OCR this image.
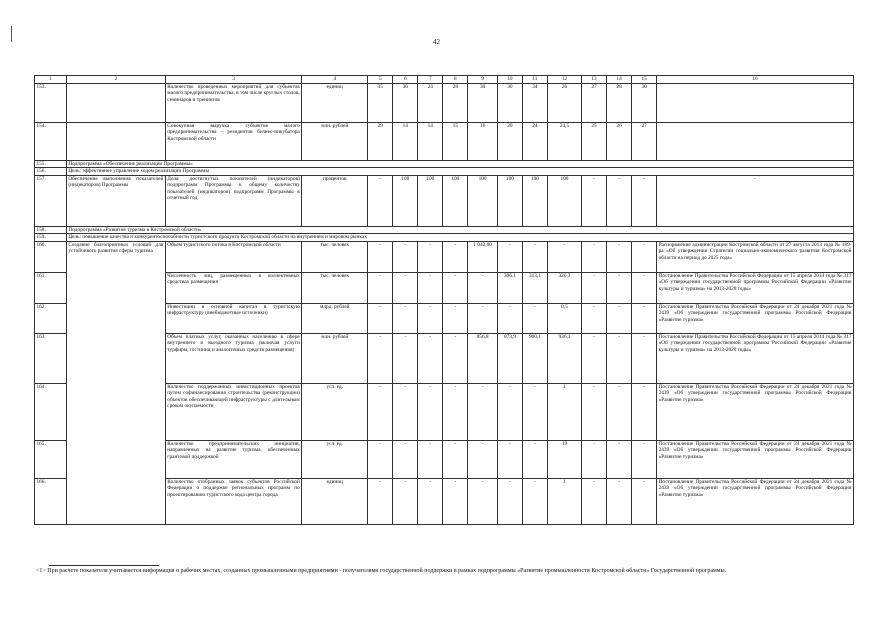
42
1	2	3	4	5	6	7	8	9	10	11	12	13	14	15	16
153.		Количество проведенных мероприятий для субъектов малого предпринимательства, в том числе круглых столов, семинаров и тренингов	единиц	35	36	24	28	30	30	34	26	27	28	30	
154.		Совокупная выручка субъектов малого предпринимательства - резидентов бизнес-инкубатора Костромской области	млн. рублей	29	14	14	15	16	20	24	24,5	25	26	27	
155.	Подпрограмма «Обеспечение реализации Программы»														
156.	Цель: эффективное управление ходом реализации Программы														
157.	Обеспечение выполнения показателей (индикаторов) Программы	Доля достигнутых показателей (индикаторов) подпрограмм Программы к общему количеству показателей (индикаторов) подпрограмм Программы в отчетный год	процентов	-	100	100	100	100	100	100	100	-	-	-	-
158.	Подпрограмма «Развитие туризма в Костромской области»														
159.	Цель: повышение качества и конкурентоспособности туристского продукта Костромской области на внутреннем и мировом рынках														
160.	Создание благоприятных условий для устойчивого развития сферы туризма	Объем туристского потока в Костромской области	тыс. человек	-	-	-	-	1 042,00	-	-	-	-	-	-	Распоряжение администрации Костромской области от 27 августа 2013 года № 189-ра «Об утверждении Стратегии социально-экономического развития Костромской области на период до 2025 года»
161.		Численность лиц, размещенных в коллективных средствах размещения	тыс. человек	-	-	-	-	-	306,1	313,1	320,3	-	-	-	Постановление Правительства Российской Федерации от 15 апреля 2014 года № 317 «Об утверждении государственной программы Российской Федерации «Развитие культуры и туризма» на 2013-2020 годы»
162.		Инвестиции в основной капитал в туристскую инфраструктуру (внебюджетные источники)	млрд. рублей	-	-	-	-	-	-	-	0,5	-	-	-	Постановление Правительства Российской Федерации от 24 декабря 2021 года № 2439 «Об утверждении государственной программы Российской Федерации «Развитие туризма»
163.		Объем платных услуг, оказанных населению в сфере внутреннего и въездного туризма (включая услуги турфирм, гостиниц и аналогичных средств размещения)	млн. рублей	-	-	-	-	856,8	873,9	900,1	936,1	-	-	-	Постановление Правительства Российской Федерации от 15 апреля 2014 года № 317 «Об утверждении государственной программы Российской Федерации «Развитие культуры и туризма» на 2013-2020 годы»
164.		Количество поддержанных инвестиционных проектов путем софинансирования строительства (реконструкции) объектов обеспечивающей инфраструктуры с длительным сроком окупаемости	усл. ед.	-	-	-	-	-	-	-	1	-	-	-	Постановление Правительства Российской Федерации от 24 декабря 2021 года № 2439 «Об утверждении государственной программы Российской Федерации «Развитие туризма»
165.		Количество предпринимательских инициатив, направленных на развитие туризма, обеспеченных грантовой поддержкой	усл. ед.	-	-	-	-	-	-	-	19	-	-	-	Постановление Правительства Российской Федерации от 24 декабря 2021 года № 2439 «Об утверждении государственной программы Российской Федерации «Развитие туризма»
166.		Количество отобранных заявок субъектов Российской Федерации о поддержке региональных программ по проектированию туристского кода центра города	единиц	-	-	-	-	-	-	-	1	-	-	-	Постановление Правительства Российской Федерации от 24 декабря 2021 года № 2439 «Об утверждении государственной программы Российской Федерации «Развитие туризма»
<1> При расчете показателя учитывается информация о рабочих местах, созданных промышленными предприятиями - получателями государственной поддержки в рамках подпрограммы «Развитие промышленности Костромской области» Государственной программы.
